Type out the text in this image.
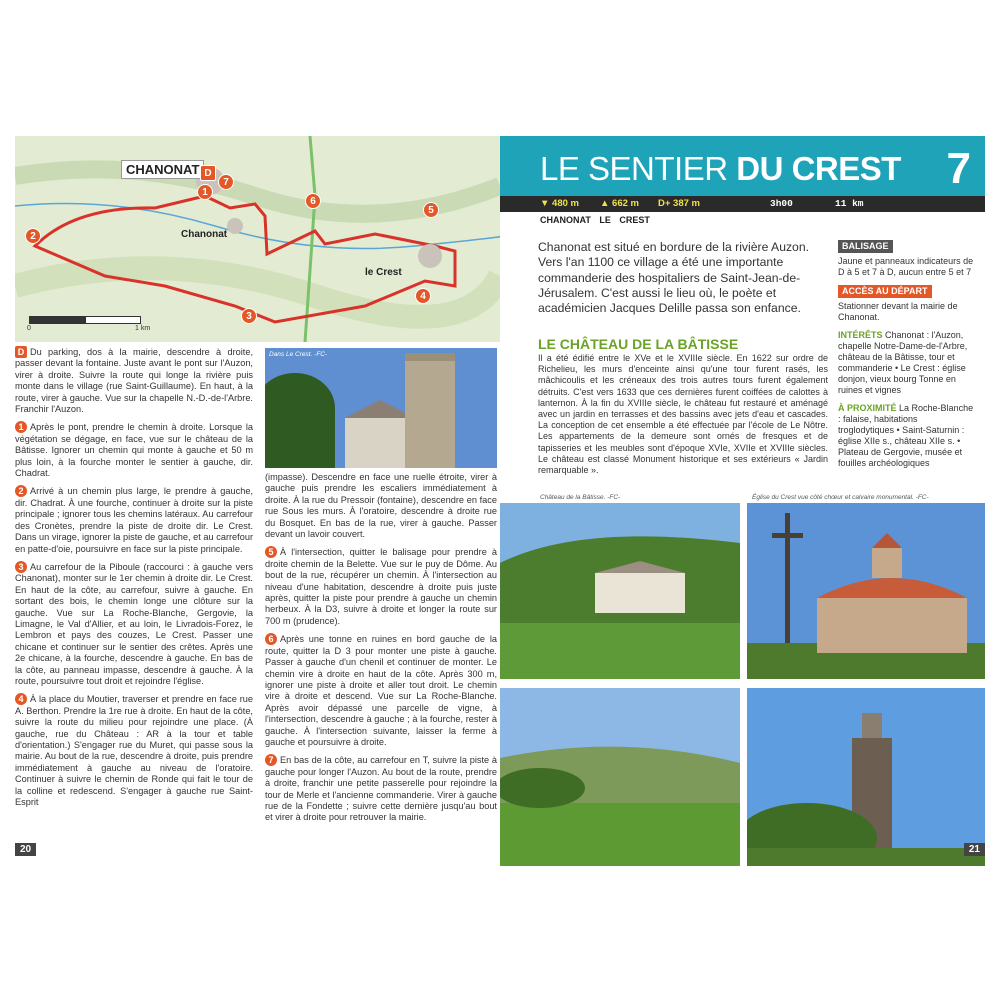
CHANONAT D
Chanonat
le Crest
2
1
7
6
5
4
3
0	1 km
D Du parking, dos à la mairie, descendre à droite, passer devant la fontaine. Juste avant le pont sur l'Auzon, virer à droite. Suivre la route qui longe la rivière puis monte dans le village (rue Saint-Guillaume). En haut, à la route, virer à gauche. Vue sur la chapelle N.-D.-de-l'Arbre. Franchir l'Auzon.
1 Après le pont, prendre le chemin à droite. Lorsque la végétation se dégage, en face, vue sur le château de la Bâtisse. Ignorer un chemin qui monte à gauche et 50 m plus loin, à la fourche monter le sentier à gauche, dir. Chadrat.
2 Arrivé à un chemin plus large, le prendre à gauche, dir. Chadrat. À une fourche, continuer à droite sur la piste principale ; ignorer tous les chemins latéraux. Au carrefour des Cronètes, prendre la piste de droite dir. Le Crest. Dans un virage, ignorer la piste de gauche, et au carrefour en patte-d'oie, poursuivre en face sur la piste principale.
3 Au carrefour de la Piboule (raccourci : à gauche vers Chanonat), monter sur le 1er chemin à droite dir. Le Crest. En haut de la côte, au carrefour, suivre à gauche. En sortant des bois, le chemin longe une clôture sur la gauche. Vue sur La Roche-Blanche, Gergovie, la Limagne, le Val d'Allier, et au loin, le Livradois-Forez, le Lembron et pays des couzes, Le Crest. Passer une chicane et continuer sur le sentier des crêtes. Après une 2e chicane, à la fourche, descendre à gauche. En bas de la côte, au panneau impasse, descendre à gauche. À la route, poursuivre tout droit et rejoindre l'église.
4 À la place du Moutier, traverser et prendre en face rue A. Berthon. Prendre la 1re rue à droite. En haut de la côte, suivre la route du milieu pour rejoindre une place. (À gauche, rue du Château : AR à la tour et table d'orientation.) S'engager rue du Muret, qui passe sous la mairie. Au bout de la rue, descendre à droite, puis prendre immédiatement à gauche au niveau de l'oratoire. Continuer à suivre le chemin de Ronde qui fait le tour de la colline et redescend. S'engager à gauche rue Saint-Esprit
Dans Le Crest. -FC-
(impasse). Descendre en face une ruelle étroite, virer à gauche puis prendre les escaliers immédiatement à droite. À la rue du Pressoir (fontaine), descendre en face rue Sous les murs. À l'oratoire, descendre à droite rue du Bosquet. En bas de la rue, virer à gauche. Passer devant un lavoir couvert.
5 À l'intersection, quitter le balisage pour prendre à droite chemin de la Belette. Vue sur le puy de Dôme. Au bout de la rue, récupérer un chemin. À l'intersection au niveau d'une habitation, descendre à droite puis juste après, quitter la piste pour prendre à gauche un chemin herbeux. À la D3, suivre à droite et longer la route sur 700 m (prudence).
6 Après une tonne en ruines en bord gauche de la route, quitter la D 3 pour monter une piste à gauche. Passer à gauche d'un chenil et continuer de monter. Le chemin vire à droite en haut de la côte. Après 300 m, ignorer une piste à droite et aller tout droit. Le chemin vire à droite et descend. Vue sur La Roche-Blanche. Après avoir dépassé une parcelle de vigne, à l'intersection, descendre à gauche ; à la fourche, rester à gauche. À l'intersection suivante, laisser la ferme à gauche et poursuivre à droite.
7 En bas de la côte, au carrefour en T, suivre la piste à gauche pour longer l'Auzon. Au bout de la route, prendre à droite, franchir une petite passerelle pour rejoindre la tour de Merle et l'ancienne commanderie. Virer à gauche rue de la Fondette ; suivre cette dernière jusqu'au bout et virer à droite pour retrouver la mairie.
20
LE SENTIER DU CREST 7
▼ 480 m ▲ 662 m D+ 387 m	3h00	11 km
CHANONAT LE CREST
Chanonat est situé en bordure de la rivière Auzon. Vers l'an 1100 ce village a été une importante commanderie des hospitaliers de Saint-Jean-de-Jérusalem. C'est aussi le lieu où, le poète et académicien Jacques Delille passa son enfance.
LE CHÂTEAU DE LA BÂTISSE
Il a été édifié entre le XVe et le XVIIIe siècle. En 1622 sur ordre de Richelieu, les murs d'enceinte ainsi qu'une tour furent rasés, les mâchicoulis et les créneaux des trois autres tours furent également détruits. C'est vers 1633 que ces dernières furent coiffées de calottes à lanternon. À la fin du XVIIIe siècle, le château fut restauré et aménagé avec un jardin en terrasses et des bassins avec jets d'eau et cascades. La conception de cet ensemble a été effectuée par l'école de Le Nôtre. Les appartements de la demeure sont ornés de fresques et de tapisseries et les meubles sont d'époque XVIe, XVIIe et XVIIIe siècles. Le château est classé Monument historique et ses extérieurs « Jardin remarquable ».
BALISAGE
Jaune et panneaux indicateurs de D à 5 et 7 à D, aucun entre 5 et 7
ACCÈS AU DÉPART
Stationner devant la mairie de Chanonat.
INTÉRÊTS Chanonat : l'Auzon, chapelle Notre-Dame-de-l'Arbre, château de la Bâtisse, tour et commanderie • Le Crest : église donjon, vieux bourg Tonne en ruines et vignes
À PROXIMITÉ La Roche-Blanche : falaise, habitations troglodytiques • Saint-Saturnin : église XIIe s., château XIIe s. • Plateau de Gergovie, musée et fouilles archéologiques
Château de la Bâtisse. -FC-	Église du Crest vue côté chœur et calvaire monumental. -FC-
21
